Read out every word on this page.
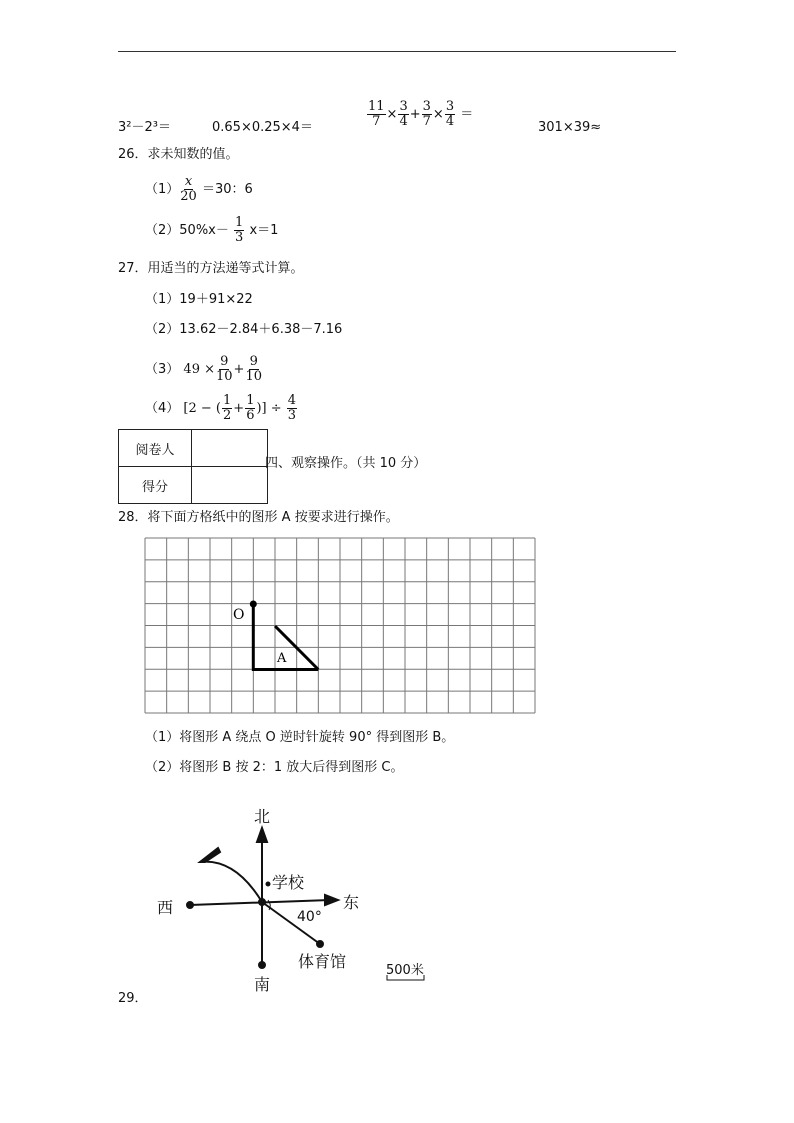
3²－2³＝	0.65×0.25×4＝	$\frac{11}{7} \times \frac{3}{4} + \frac{3}{7} \times \frac{3}{4}$ ＝
301×39≈
26．求未知数的值。
$(1) \frac{x}{20} =30$：6
$(2)50\%x- \frac{1}{3} x=1$
27．用适当的方法递等式计算。
（1）19＋91×22
（2）13.62－2.84＋6.38－7.16
（3） $49 \times \frac{9}{10} + \frac{9}{10}$
（4） [2 − ( $\frac{1}{2} + \frac{1}{6}$ )] ÷ $\frac{4}{3}$
阅卷人	
得分	
四、观察操作。（共 10 分）
28．将下面方格纸中的图形 A 按要求进行操作。
O
A
北
南
东
西
学校
体育馆
40°
500米
（1）将图形 A 绕点 O 逆时针旋转 90° 得到图形 B。
（2）将图形 B 按 2：1 放大后得到图形 C。
29．
